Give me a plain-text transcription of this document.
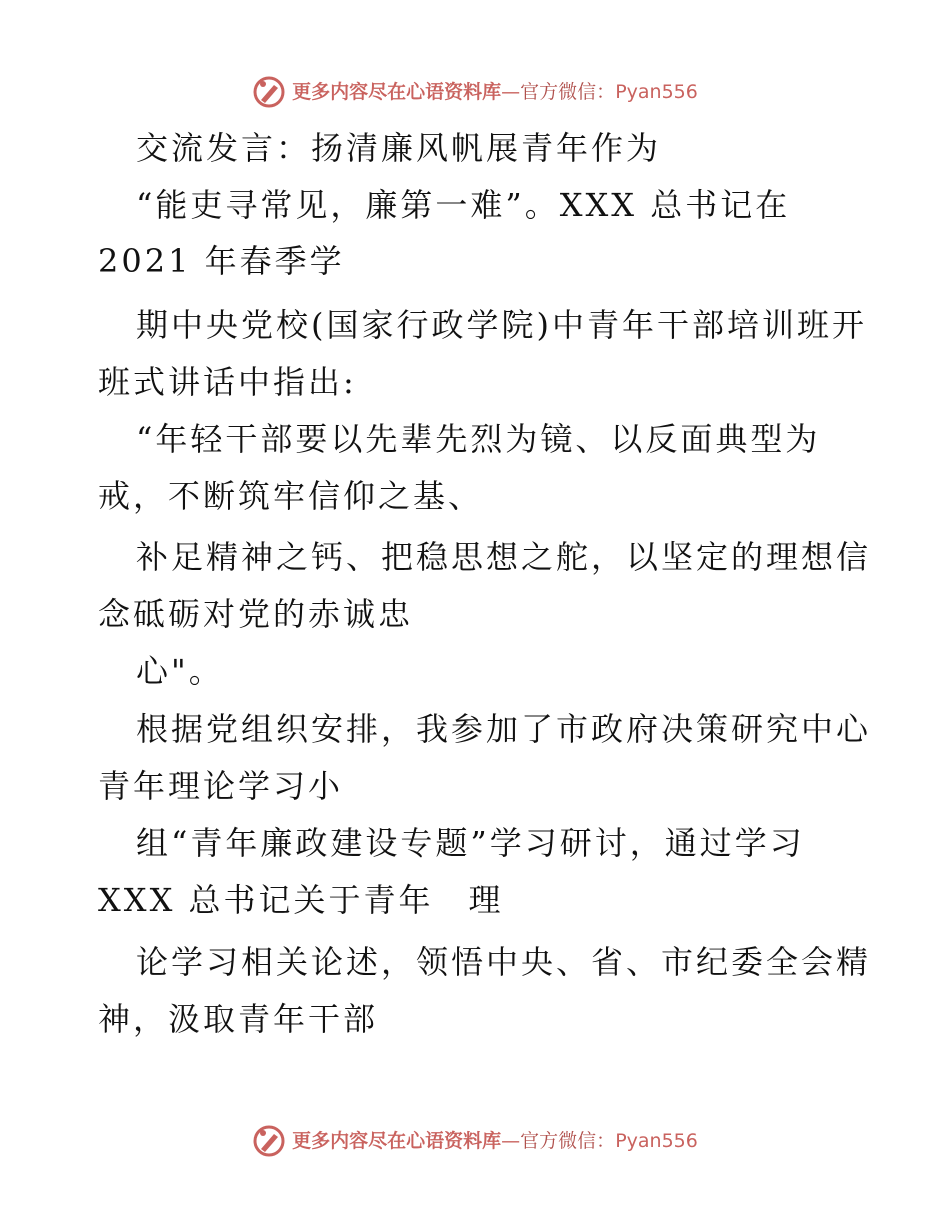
更多内容尽在心语资料库 — 官方微信： Pyan556
交流发言：扬清廉风帆展青年作为
“能吏寻常见，廉第一难”。XXX 总书记在
2021 年春季学
期中央党校(国家行政学院)中青年干部培训班开
班式讲话中指出:
“年轻干部要以先辈先烈为镜、以反面典型为
戒，不断筑牢信仰之基、
补足精神之钙、把稳思想之舵，以坚定的理想信
念砥砺对党的赤诚忠
心"。
根据党组织安排，我参加了市政府决策研究中心
青年理论学习小
组“青年廉政建设专题”学习研讨，通过学习
XXX 总书记关于青年　理
论学习相关论述，领悟中央、省、市纪委全会精
神，汲取青年干部
更多内容尽在心语资料库 — 官方微信： Pyan556
